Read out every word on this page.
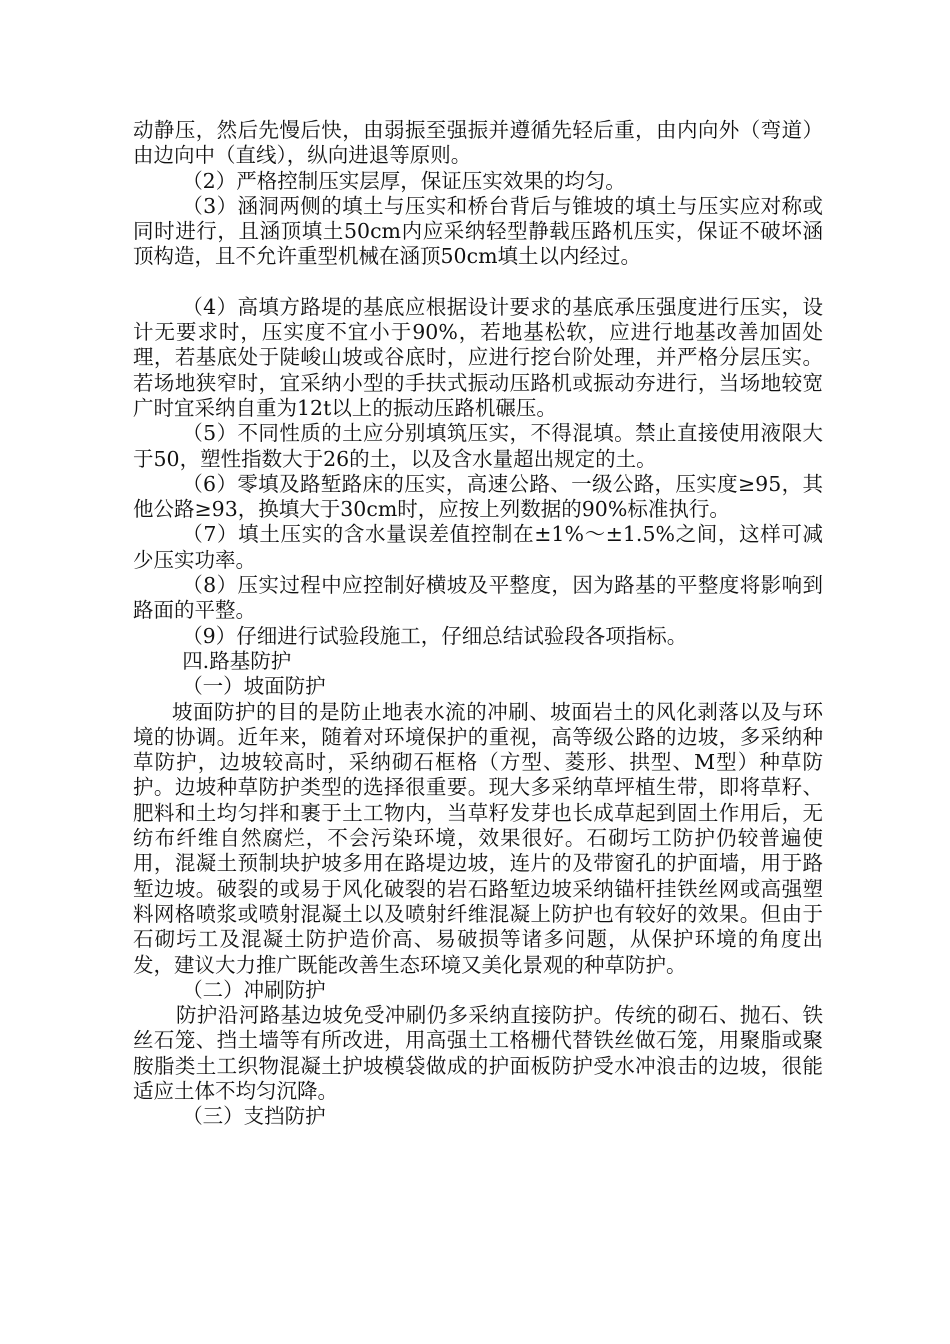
动静压，然后先慢后快，由弱振至强振并遵循先轻后重，由内向外（弯道）由边向中（直线），纵向进退等原则。

（2）严格控制压实层厚，保证压实效果的均匀。

（3）涵洞两侧的填土与压实和桥台背后与锥坡的填土与压实应对称或同时进行，且涵顶填土50cm内应采纳轻型静载压路机压实，保证不破坏涵顶构造，且不允许重型机械在涵顶50cm填土以内经过。

（4）高填方路堤的基底应根据设计要求的基底承压强度进行压实，设计无要求时，压实度不宜小于90%，若地基松软，应进行地基改善加固处理，若基底处于陡峻山坡或谷底时，应进行挖台阶处理，并严格分层压实。若场地狭窄时，宜采纳小型的手扶式振动压路机或振动夯进行，当场地较宽广时宜采纳自重为12t以上的振动压路机碾压。

（5）不同性质的土应分别填筑压实，不得混填。禁止直接使用液限大于50，塑性指数大于26的土，以及含水量超出规定的土。

（6）零填及路堑路床的压实，高速公路、一级公路，压实度≥95，其他公路≥93，换填大于30cm时，应按上列数据的90%标准执行。

（7）填土压实的含水量误差值控制在±1%～±1.5%之间，这样可减少压实功率。

（8）压实过程中应控制好横坡及平整度，因为路基的平整度将影响到路面的平整。

（9）仔细进行试验段施工，仔细总结试验段各项指标。

四.路基防护

（一）坡面防护

坡面防护的目的是防止地表水流的冲刷、坡面岩土的风化剥落以及与环境的协调。近年来，随着对环境保护的重视，高等级公路的边坡，多采纳种草防护，边坡较高时，采纳砌石框格（方型、菱形、拱型、M型）种草防护。边坡种草防护类型的选择很重要。现大多采纳草坪植生带，即将草籽、肥料和土均匀拌和裹于土工物内，当草籽发芽也长成草起到固土作用后，无纺布纤维自然腐烂，不会污染环境，效果很好。石砌圬工防护仍较普遍使用，混凝土预制块护坡多用在路堤边坡，连片的及带窗孔的护面墙，用于路堑边坡。破裂的或易于风化破裂的岩石路堑边坡采纳锚杆挂铁丝网或高强塑料网格喷浆或喷射混凝土以及喷射纤维混凝上防护也有较好的效果。但由于石砌圬工及混凝土防护造价高、易破损等诸多问题，从保护环境的角度出发，建议大力推广既能改善生态环境又美化景观的种草防护。

（二）冲刷防护

防护沿河路基边坡免受冲刷仍多采纳直接防护。传统的砌石、抛石、铁丝石笼、挡土墙等有所改进，用高强土工格栅代替铁丝做石笼，用聚脂或聚胺脂类土工织物混凝土护坡模袋做成的护面板防护受水冲浪击的边坡，很能适应土体不均匀沉降。

（三）支挡防护
